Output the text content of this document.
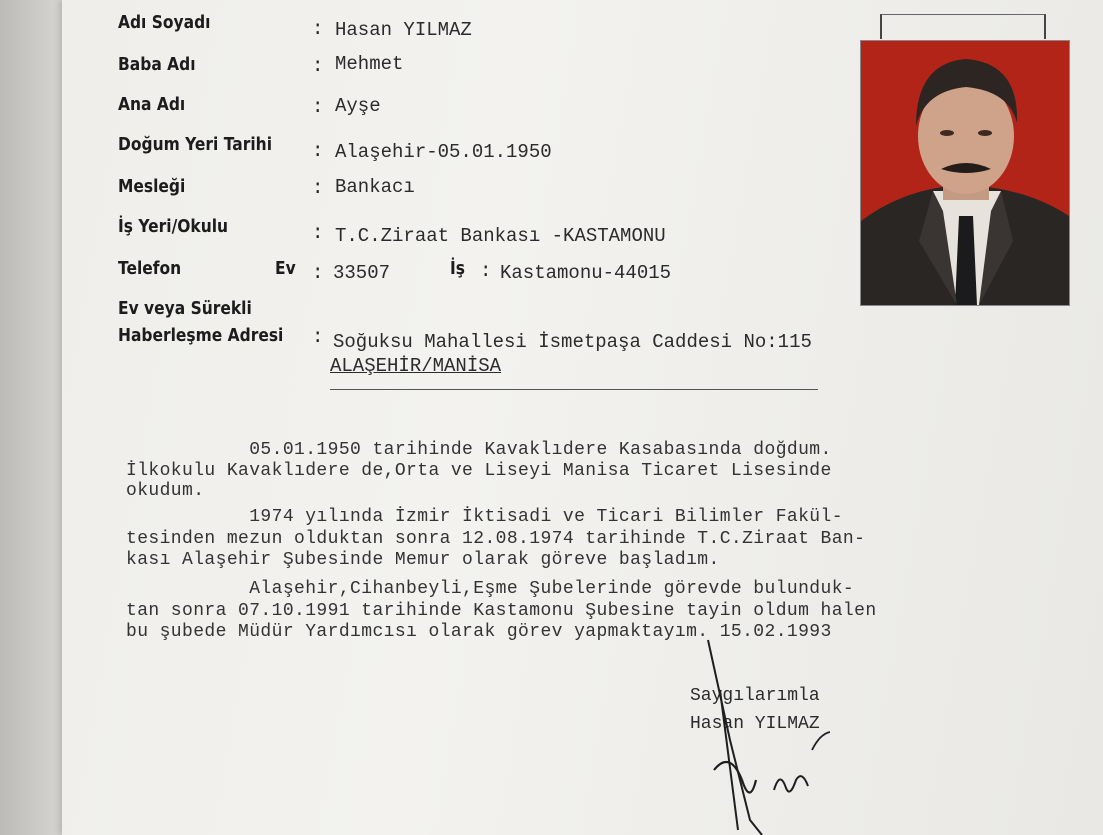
Adı Soyadı	: Hasan YILMAZ
Baba Adı	: Mehmet
Ana Adı	: Ayşe
Doğum Yeri Tarihi : Alaşehir-05.01.1950
Mesleği	: Bankacı
İş Yeri/Okulu	: T.C.Ziraat Bankası -KASTAMONU
Telefon	Ev : 33507	İş : Kastamonu-44015
Ev veya Sürekli
Haberleşme Adresi : Soğuksu Mahallesi İsmetpaşa Caddesi No:115
ALAŞEHİR/MANİSA

05.01.1950 tarihinde Kavaklıdere Kasabasında doğdum.

İlkokulu Kavaklıdere de,Orta ve Liseyi Manisa Ticaret Lisesinde

okudum.

1974 yılında İzmir İktisadi ve Ticari Bilimler Fakül-

tesinden mezun olduktan sonra 12.08.1974 tarihinde T.C.Ziraat Ban-

kası Alaşehir Şubesinde Memur olarak göreve başladım.

Alaşehir,Cihanbeyli,Eşme Şubelerinde görevde bulunduk-

tan sonra 07.10.1991 tarihinde Kastamonu Şubesine tayin oldum halen

bu şubede Müdür Yardımcısı olarak görev yapmaktayım. 15.02.1993

Saygılarımla
Hasan YILMAZ
